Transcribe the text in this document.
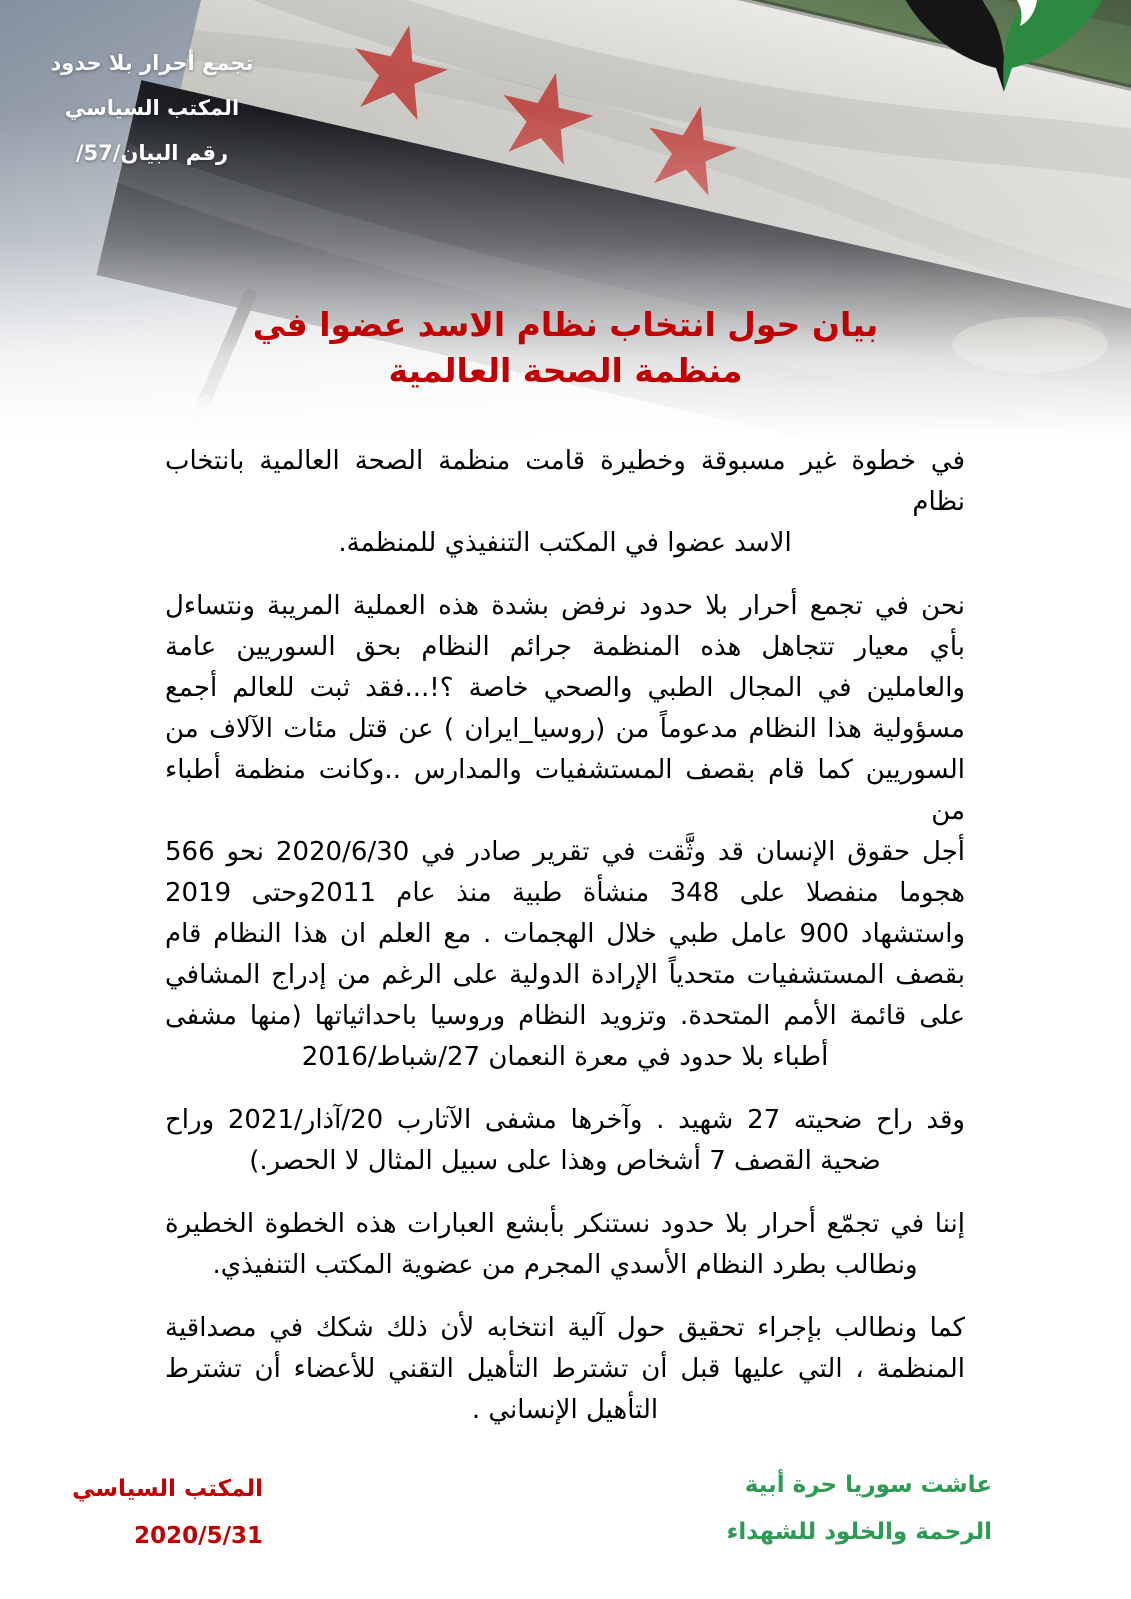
تجمع أحرار بلا حدود
المكتب السياسي
رقم البيان/57/
بيان حول انتخاب نظام الاسد عضوا في
منظمة الصحة العالمية
في خطوة غير مسبوقة وخطيرة قامت منظمة الصحة العالمية بانتخاب نظام
الاسد عضوا في المكتب التنفيذي للمنظمة.
نحن في تجمع أحرار بلا حدود نرفض بشدة هذه العملية المريبة ونتساءل
بأي معيار تتجاهل هذه المنظمة جرائم النظام بحق السوريين عامة
والعاملين في المجال الطبي والصحي خاصة ؟!...فقد ثبت للعالم أجمع
مسؤولية هذا النظام مدعوماً من (روسيا_ايران ) عن قتل مئات الآلاف من
السوريين كما قام بقصف المستشفيات والمدارس ..وكانت منظمة أطباء من
أجل حقوق الإنسان قد وثَّقت في تقرير صادر في 2020/6/30 نحو 566
هجوما منفصلا على 348 منشأة طبية منذ عام 2011وحتى 2019
واستشهاد 900 عامل طبي خلال الهجمات . مع العلم ان هذا النظام قام
بقصف المستشفيات متحدياً الإرادة الدولية على الرغم من إدراج المشافي
على قائمة الأمم المتحدة. وتزويد النظام وروسيا باحداثياتها (منها مشفى
أطباء بلا حدود في معرة النعمان 27/شباط/2016
وقد راح ضحيته 27 شهيد . وآخرها مشفى الآتارب 20/آذار/2021 وراح
ضحية القصف 7 أشخاص وهذا على سبيل المثال لا الحصر.)
إننا في تجمّع أحرار بلا حدود نستنكر بأبشع العبارات هذه الخطوة الخطيرة
ونطالب بطرد النظام الأسدي المجرم من عضوية المكتب التنفيذي.
كما ونطالب بإجراء تحقيق حول آلية انتخابه لأن ذلك شكك في مصداقية
المنظمة ، التي عليها قبل أن تشترط التأهيل التقني للأعضاء أن تشترط
التأهيل الإنساني .
المكتب السياسي
2020/5/31
عاشت سوريا حرة أبية
الرحمة والخلود للشهداء
